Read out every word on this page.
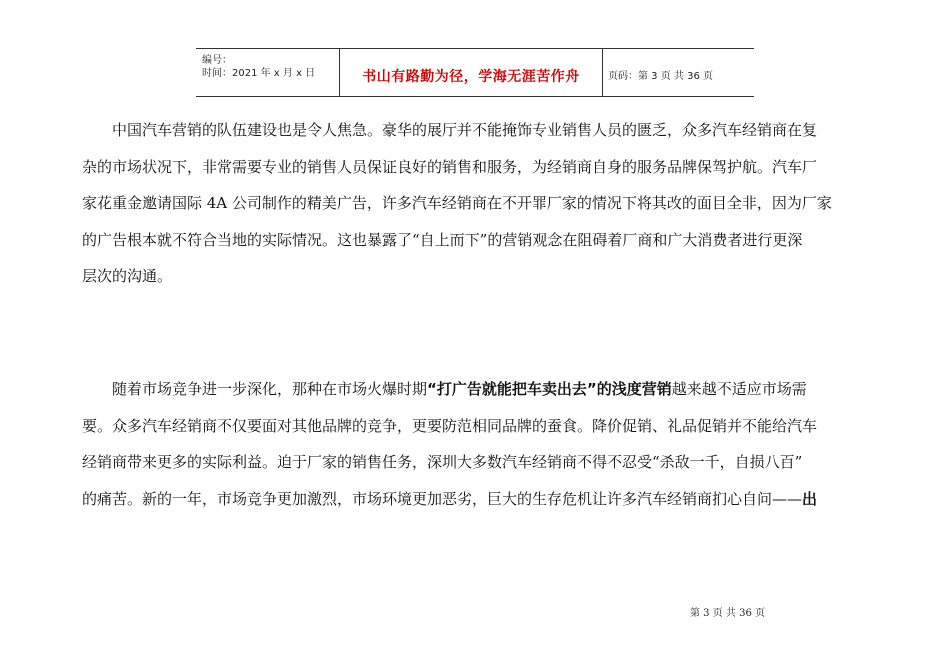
编号：
时间：2021 年 x 月 x 日	书山有路勤为径，学海无涯苦作舟	页码：第 3 页 共 36 页
　　中国汽车营销的队伍建设也是令人焦急。豪华的展厅并不能掩饰专业销售人员的匮乏，众多汽车经销商在复
杂的市场状况下，非常需要专业的销售人员保证良好的销售和服务，为经销商自身的服务品牌保驾护航。汽车厂
家花重金邀请国际 4A 公司制作的精美广告，许多汽车经销商在不开罪厂家的情况下将其改的面目全非，因为厂家
的广告根本就不符合当地的实际情况。这也暴露了“自上而下”的营销观念在阻碍着厂商和广大消费者进行更深
层次的沟通。
　　随着市场竞争进一步深化，那种在市场火爆时期“打广告就能把车卖出去”的浅度营销越来越不适应市场需
要。众多汽车经销商不仅要面对其他品牌的竞争，更要防范相同品牌的蚕食。降价促销、礼品促销并不能给汽车
经销商带来更多的实际利益。迫于厂家的销售任务，深圳大多数汽车经销商不得不忍受“杀敌一千，自损八百”
的痛苦。新的一年，市场竞争更加激烈，市场环境更加恶劣，巨大的生存危机让许多汽车经销商扪心自问——出
第 3 页 共 36 页
